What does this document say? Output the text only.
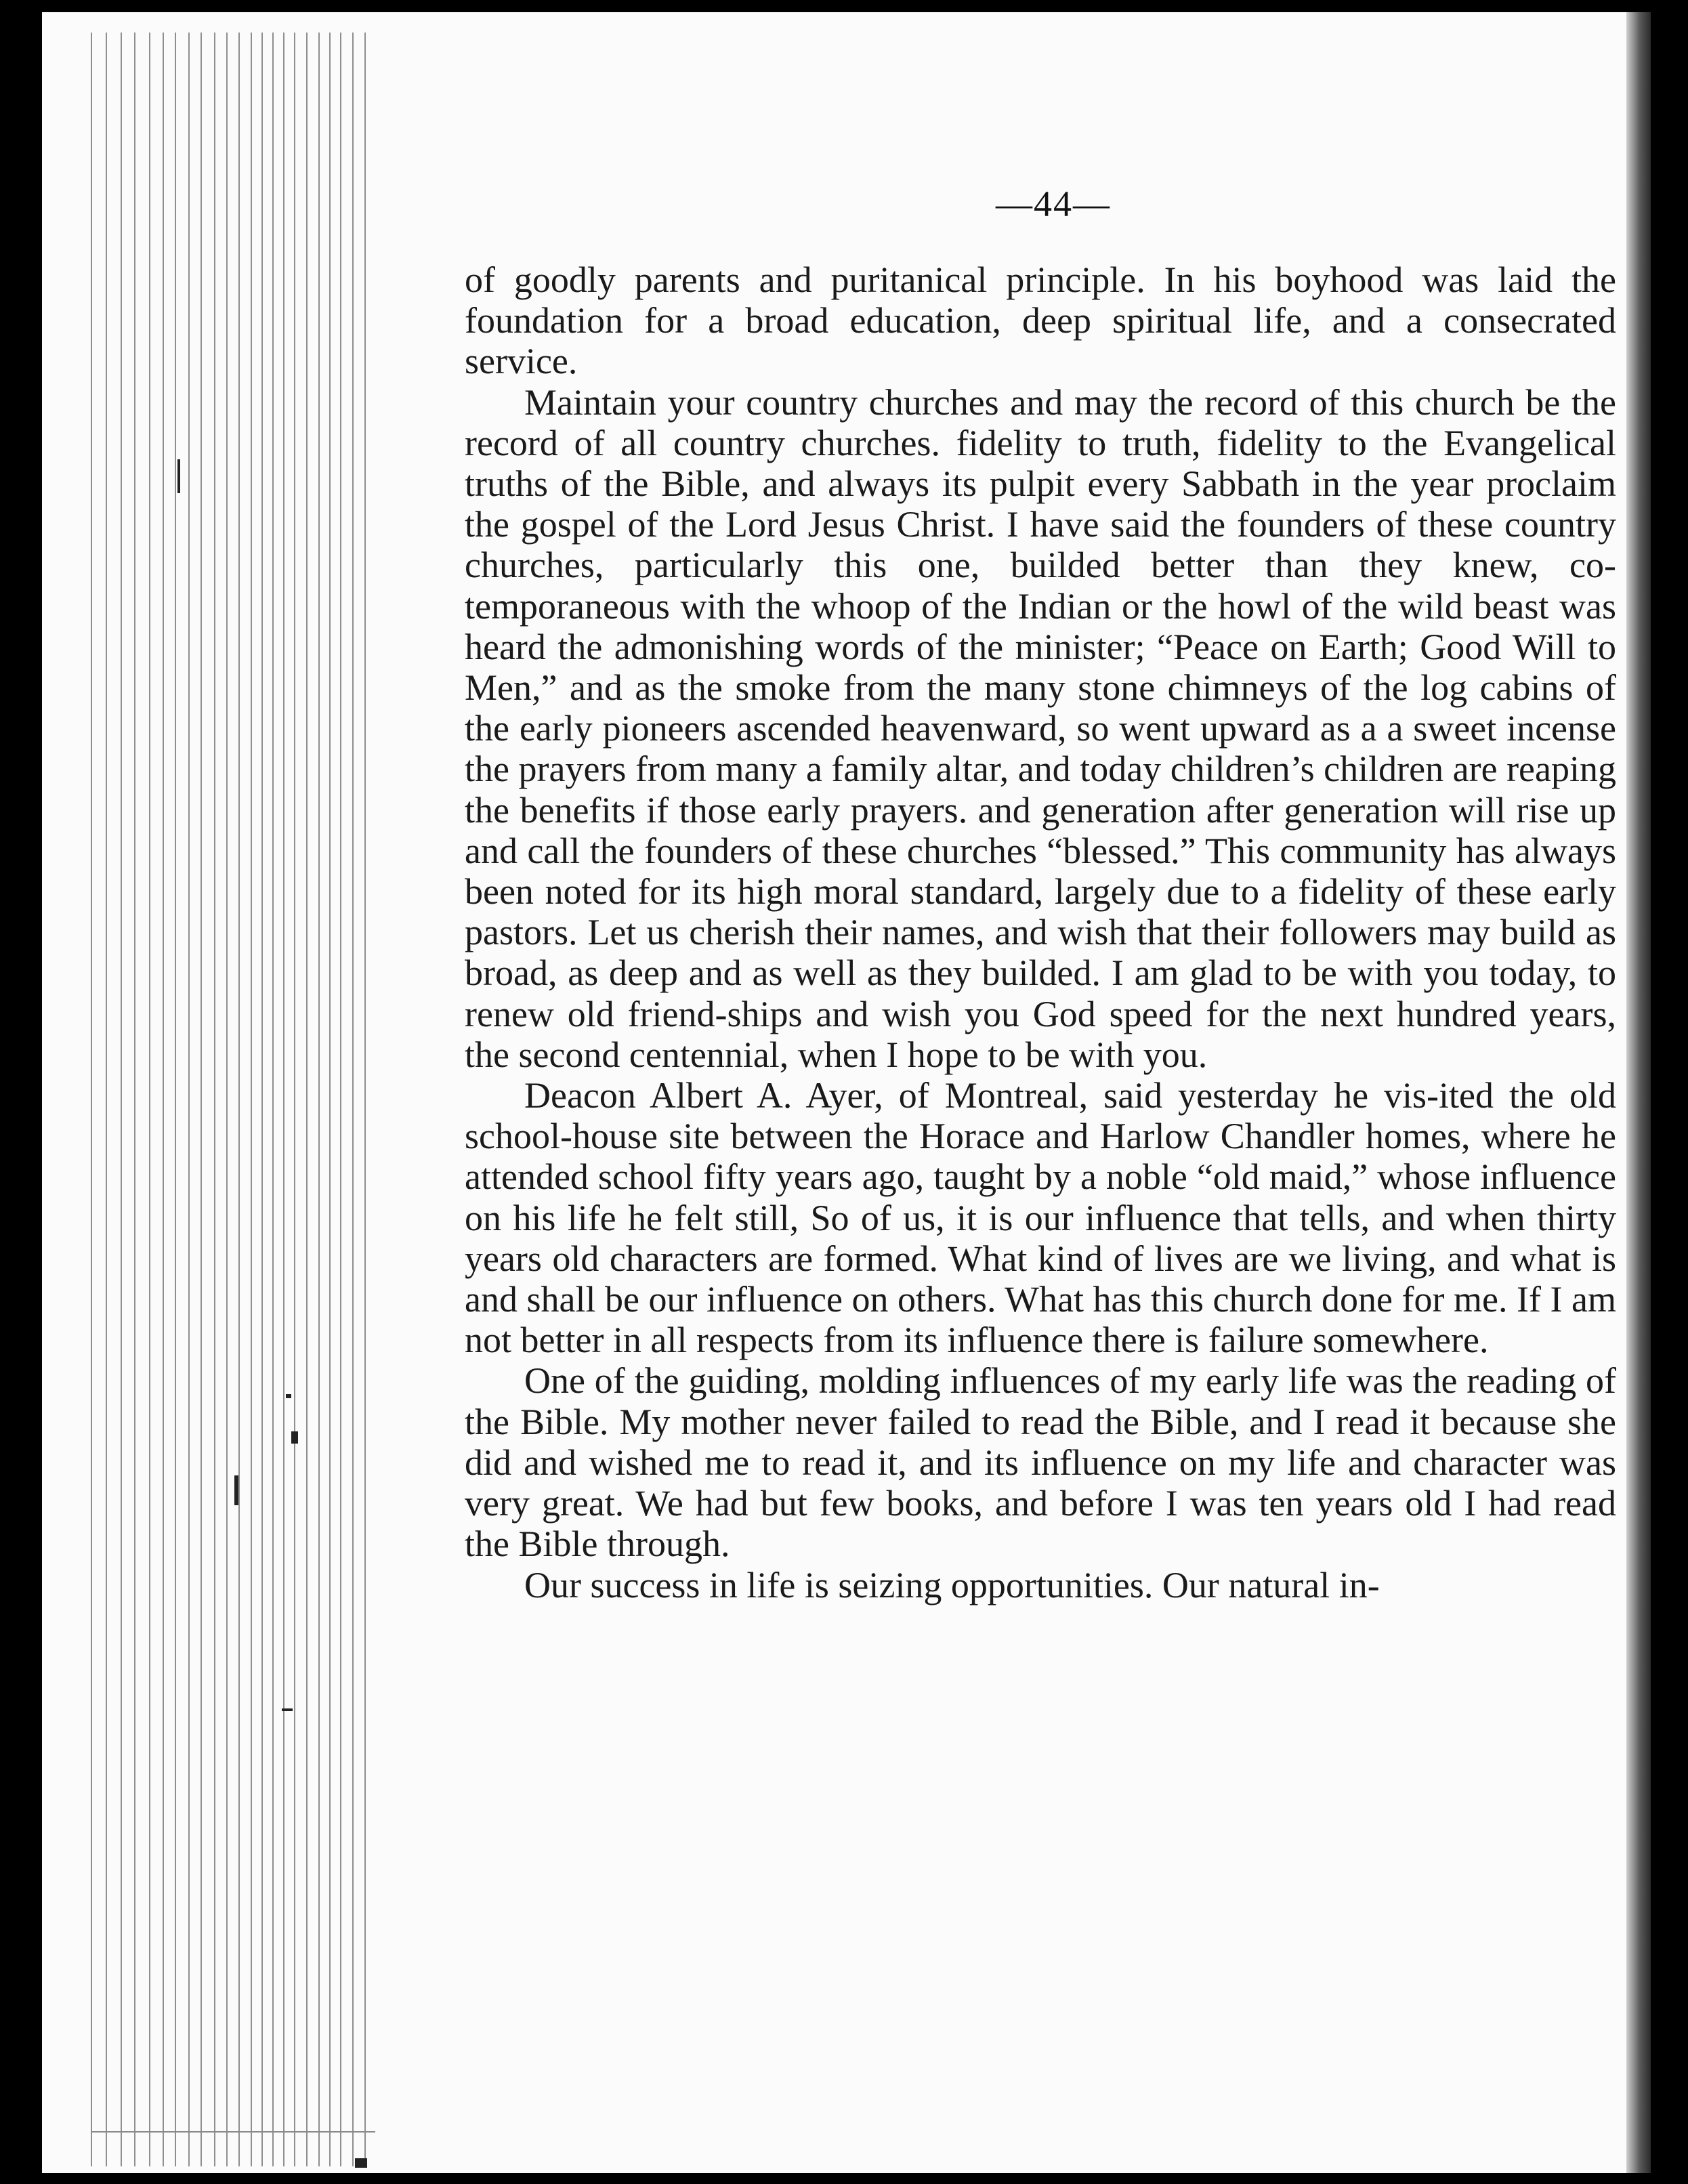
—44—

of goodly parents and puritanical principle. In his boyhood was laid the foundation for a broad education, deep spiritual life, and a consecrated service.

Maintain your country churches and may the record of this church be the record of all country churches. fidelity to truth, fidelity to the Evangelical truths of the Bible, and always its pulpit every Sabbath in the year proclaim the gospel of the Lord Jesus Christ. I have said the founders of these country churches, particularly this one, builded better than they knew, co-temporaneous with the whoop of the Indian or the howl of the wild beast was heard the admonishing words of the minister; “Peace on Earth; Good Will to Men,” and as the smoke from the many stone chimneys of the log cabins of the early pioneers ascended heavenward, so went upward as a a sweet incense the prayers from many a family altar, and today children’s children are reaping the benefits if those early prayers. and generation after generation will rise up and call the founders of these churches “blessed.” This community has always been noted for its high moral standard, largely due to a fidelity of these early pastors. Let us cherish their names, and wish that their followers may build as broad, as deep and as well as they builded. I am glad to be with you today, to renew old friend-ships and wish you God speed for the next hundred years, the second centennial, when I hope to be with you.

Deacon Albert A. Ayer, of Montreal, said yesterday he vis-ited the old school-house site between the Horace and Harlow Chandler homes, where he attended school fifty years ago, taught by a noble “old maid,” whose influence on his life he felt still, So of us, it is our influence that tells, and when thirty years old characters are formed. What kind of lives are we living, and what is and shall be our influence on others. What has this church done for me. If I am not better in all respects from its influence there is failure somewhere.

One of the guiding, molding influences of my early life was the reading of the Bible. My mother never failed to read the Bible, and I read it because she did and wished me to read it, and its influence on my life and character was very great. We had but few books, and before I was ten years old I had read the Bible through.

Our success in life is seizing opportunities. Our natural in-
